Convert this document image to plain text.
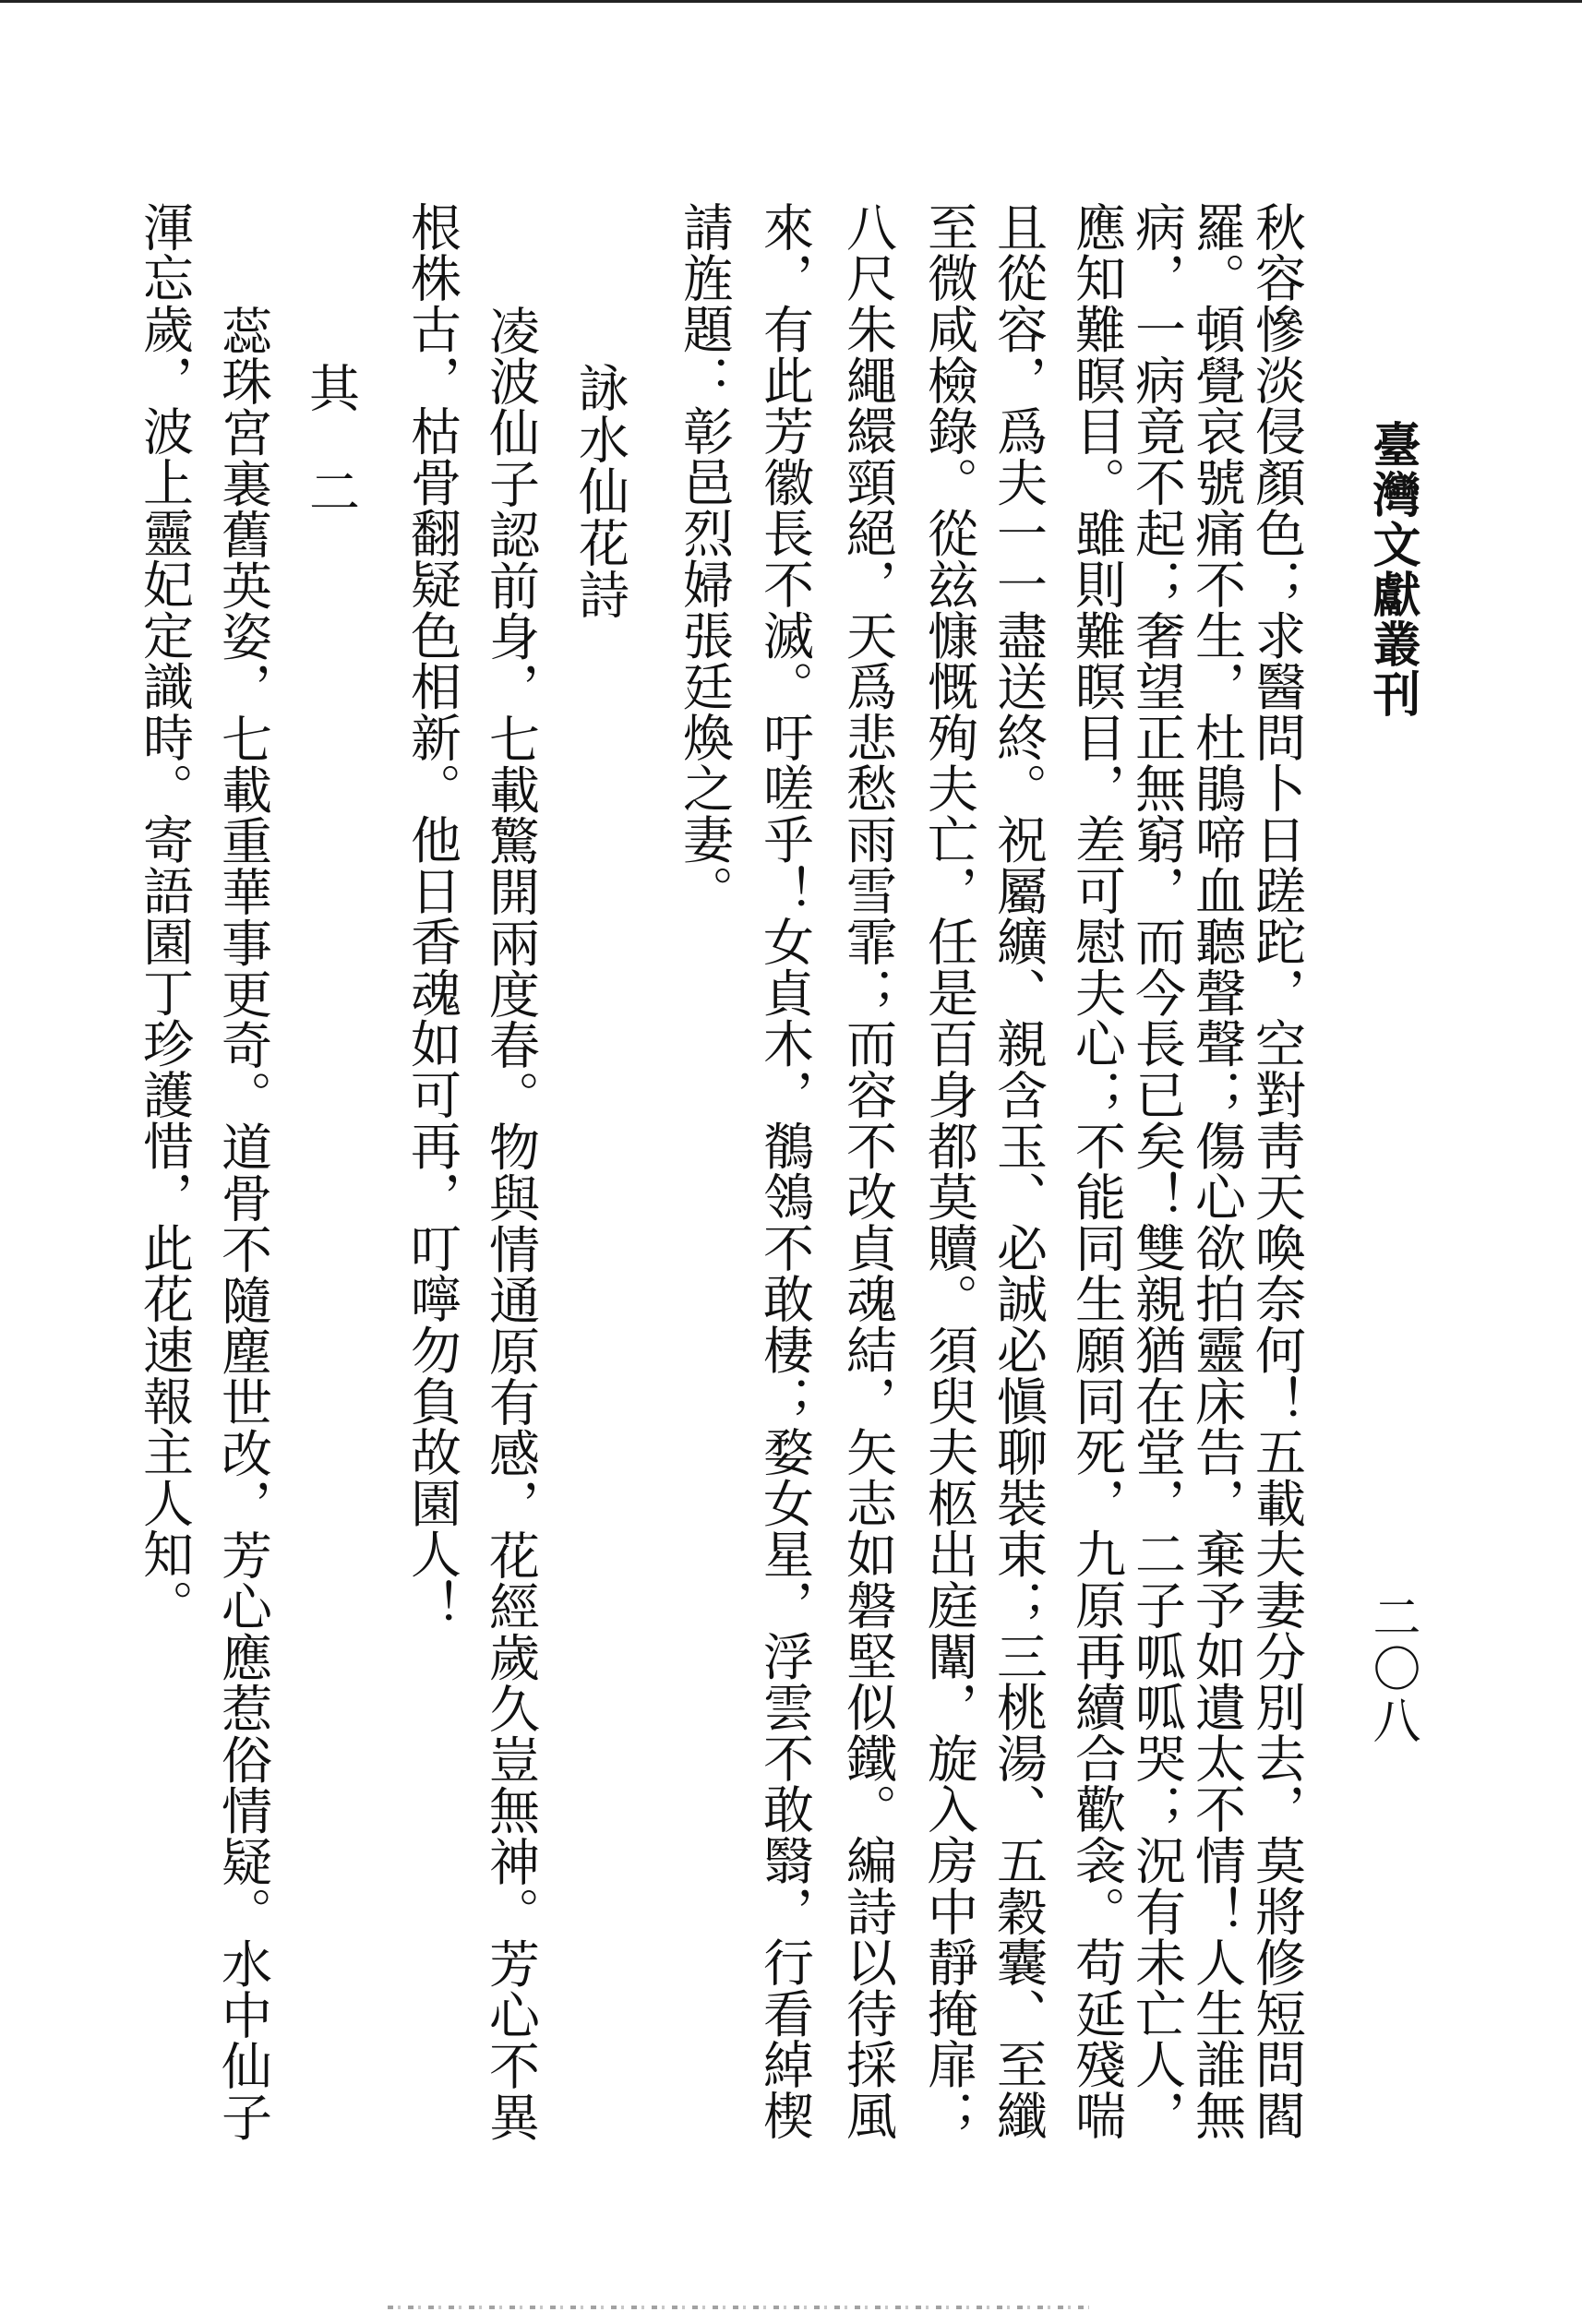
臺灣文獻叢刊
二〇八
秋容慘淡侵顏色；求醫問卜日蹉跎，空對靑天喚奈何！五載夫妻分別去，莫將修短問閻
羅。頓覺哀號痛不生，杜鵑啼血聽聲聲；傷心欲拍靈床告，棄予如遺太不情！人生誰無
病，一病竟不起；奢望正無窮，而今長已矣！雙親猶在堂，二子呱呱哭；況有未亡人，
應知難瞑目。雖則難瞑目，差可慰夫心；不能同生願同死，九原再續合歡衾。苟延殘喘
且從容，爲夫一一盡送終。祝屬纊、親含玉、必誠必愼聊裝束；三桃湯、五穀囊、至纖
至微咸檢錄。從玆慷慨殉夫亡，任是百身都莫贖。須臾夫柩出庭闈，旋入房中靜掩扉；
八尺朱繩繯頸絕，天爲悲愁雨雪霏；而容不改貞魂結，矢志如磐堅似鐵。編詩以待採風
來，有此芳徽長不滅。吁嗟乎！女貞木，鶺鴒不敢棲；婺女星，浮雲不敢翳，行看綽楔
請旌題：彰邑烈婦張廷煥之妻。
詠水仙花詩
凌波仙子認前身，七載驚開兩度春。物與情通原有感，花經歲久豈無神。芳心不異
根株古，枯骨翻疑色相新。他日香魂如可再，叮嚀勿負故園人！
其　二
蕊珠宮裏舊英姿，七載重華事更奇。道骨不隨塵世改，芳心應惹俗情疑。水中仙子
渾忘歲，波上靈妃定識時。寄語園丁珍護惜，此花速報主人知。
